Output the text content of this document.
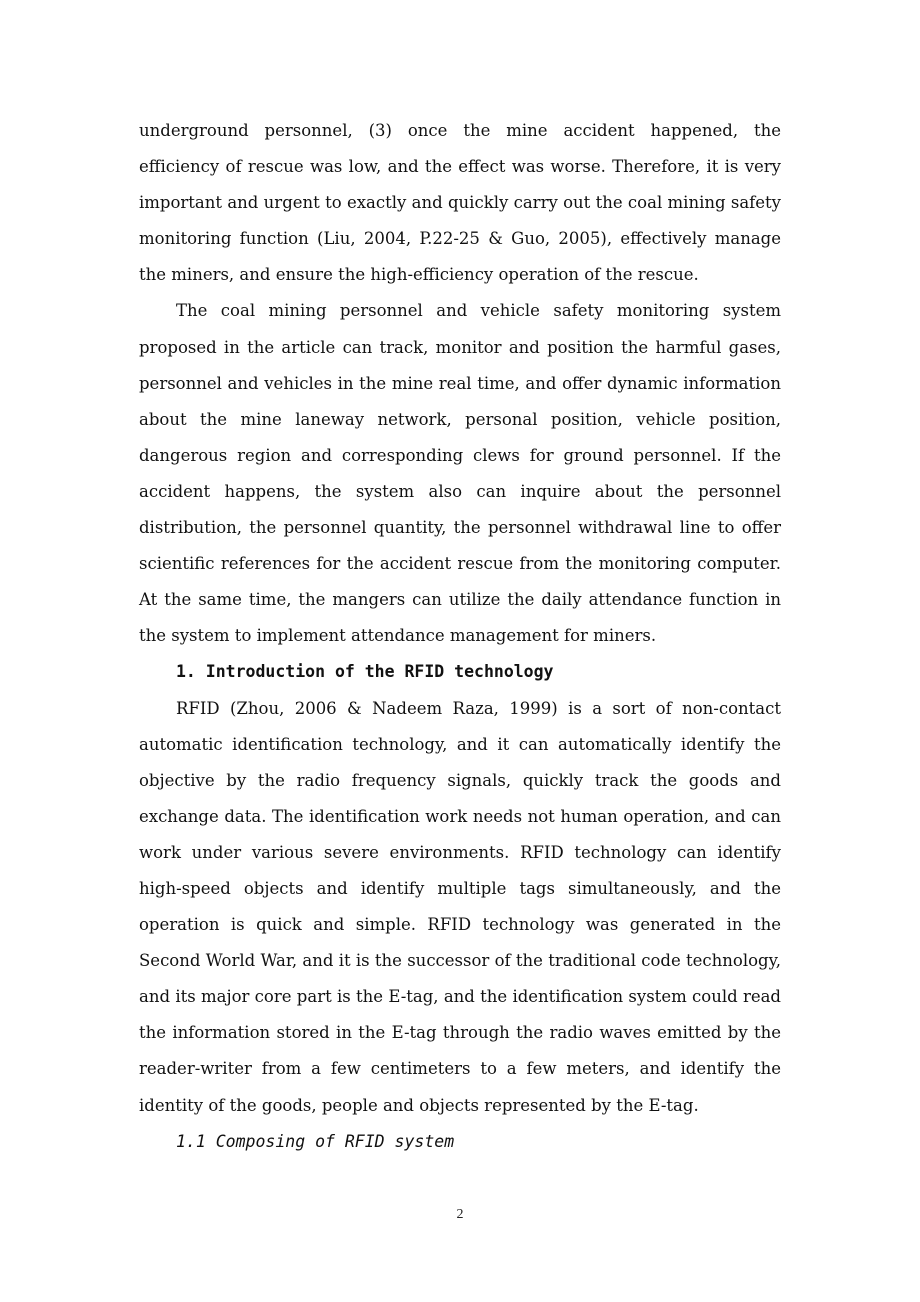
underground personnel, (3) once the mine accident happened, the efficiency of rescue was low, and the effect was worse. Therefore, it is very important and urgent to exactly and quickly carry out the coal mining safety monitoring function (Liu, 2004, P.22-25 & Guo, 2005), effectively manage the miners, and ensure the high-efficiency operation of the rescue.

The coal mining personnel and vehicle safety monitoring system proposed in the article can track, monitor and position the harmful gases, personnel and vehicles in the mine real time, and offer dynamic information about the mine laneway network, personal position, vehicle position, dangerous region and corresponding clews for ground personnel. If the accident happens, the system also can inquire about the personnel distribution, the personnel quantity, the personnel withdrawal line to offer scientific references for the accident rescue from the monitoring computer. At the same time, the mangers can utilize the daily attendance function in the system to implement attendance management for miners.

1. Introduction of the RFID technology

RFID (Zhou, 2006 & Nadeem Raza, 1999) is a sort of non-contact automatic identification technology, and it can automatically identify the objective by the radio frequency signals, quickly track the goods and exchange data. The identification work needs not human operation, and can work under various severe environments. RFID technology can identify high-speed objects and identify multiple tags simultaneously, and the operation is quick and simple. RFID technology was generated in the Second World War, and it is the successor of the traditional code technology, and its major core part is the E-tag, and the identification system could read the information stored in the E-tag through the radio waves emitted by the reader-writer from a few centimeters to a few meters, and identify the identity of the goods, people and objects represented by the E-tag.

1.1 Composing of RFID system
2
